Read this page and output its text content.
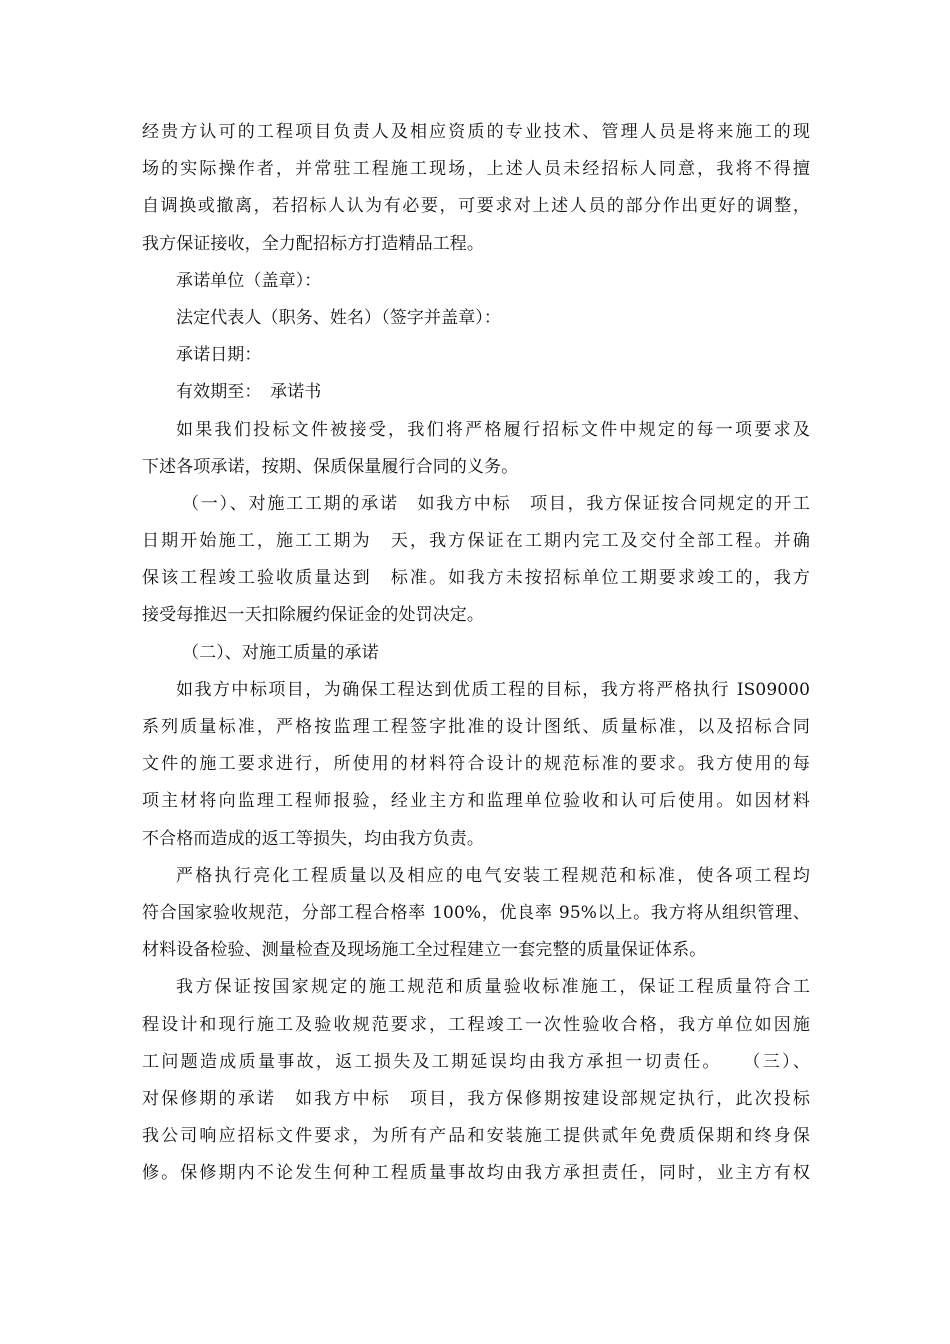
经贵方认可的工程项目负责人及相应资质的专业技术、管理人员是将来施工的现
场的实际操作者，并常驻工程施工现场，上述人员未经招标人同意，我将不得擅
自调换或撤离，若招标人认为有必要，可要求对上述人员的部分作出更好的调整，
我方保证接收，全力配招标方打造精品工程。
承诺单位（盖章）：
法定代表人（职务、姓名）（签字并盖章）：
承诺日期：
有效期至：　承诺书
如果我们投标文件被接受，我们将严格履行招标文件中规定的每一项要求及
下述各项承诺，按期、保质保量履行合同的义务。
（一）、对施工工期的承诺　如我方中标　项目，我方保证按合同规定的开工
日期开始施工，施工工期为　天，我方保证在工期内完工及交付全部工程。并确
保该工程竣工验收质量达到　标准。如我方未按招标单位工期要求竣工的，我方
接受每推迟一天扣除履约保证金的处罚决定。
（二）、对施工质量的承诺
如我方中标项目，为确保工程达到优质工程的目标，我方将严格执行 IS09000
系列质量标准，严格按监理工程签字批准的设计图纸、质量标准，以及招标合同
文件的施工要求进行，所使用的材料符合设计的规范标准的要求。我方使用的每
项主材将向监理工程师报验，经业主方和监理单位验收和认可后使用。如因材料
不合格而造成的返工等损失，均由我方负责。
严格执行亮化工程质量以及相应的电气安装工程规范和标准，使各项工程均
符合国家验收规范，分部工程合格率 100%，优良率 95%以上。我方将从组织管理、
材料设备检验、测量检查及现场施工全过程建立一套完整的质量保证体系。
我方保证按国家规定的施工规范和质量验收标准施工，保证工程质量符合工
程设计和现行施工及验收规范要求，工程竣工一次性验收合格，我方单位如因施
工问题造成质量事故，返工损失及工期延误均由我方承担一切责任。　　（三）、
对保修期的承诺　如我方中标　项目，我方保修期按建设部规定执行，此次投标
我公司响应招标文件要求，为所有产品和安装施工提供贰年免费质保期和终身保
修。保修期内不论发生何种工程质量事故均由我方承担责任，同时，业主方有权
